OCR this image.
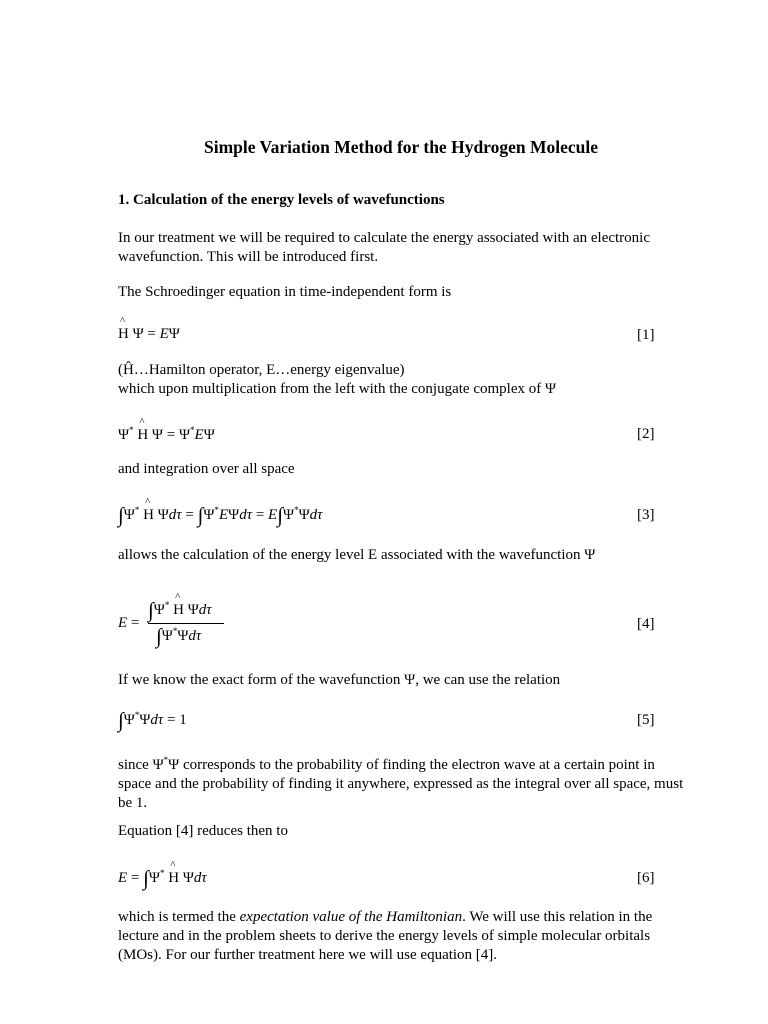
Simple Variation Method for the Hydrogen Molecule
1. Calculation of the energy levels of wavefunctions
In our treatment we will be required to calculate the energy associated with an electronic wavefunction. This will be introduced first.
The Schroedinger equation in time-independent form is
^ H Ψ = EΨ	[1]
(Ĥ…Hamilton operator, E…energy eigenvalue)
which upon multiplication from the left with the conjugate complex of Ψ
Ψ* ^ H Ψ = Ψ*EΨ	[2]
and integration over all space
∫Ψ* ^ H Ψdτ = ∫Ψ*EΨdτ = E∫Ψ*Ψdτ	[3]
allows the calculation of the energy level E associated with the wavefunction Ψ
E =
∫Ψ* ^ H Ψdτ
∫Ψ*Ψdτ
[4]
If we know the exact form of the wavefunction Ψ, we can use the relation
∫Ψ*Ψdτ = 1	[5]
since Ψ*Ψ corresponds to the probability of finding the electron wave at a certain point in space and the probability of finding it anywhere, expressed as the integral over all space, must be 1.
Equation [4] reduces then to
E = ∫Ψ* ^ H Ψdτ	[6]
which is termed the expectation value of the Hamiltonian. We will use this relation in the lecture and in the problem sheets to derive the energy levels of simple molecular orbitals (MOs). For our further treatment here we will use equation [4].
